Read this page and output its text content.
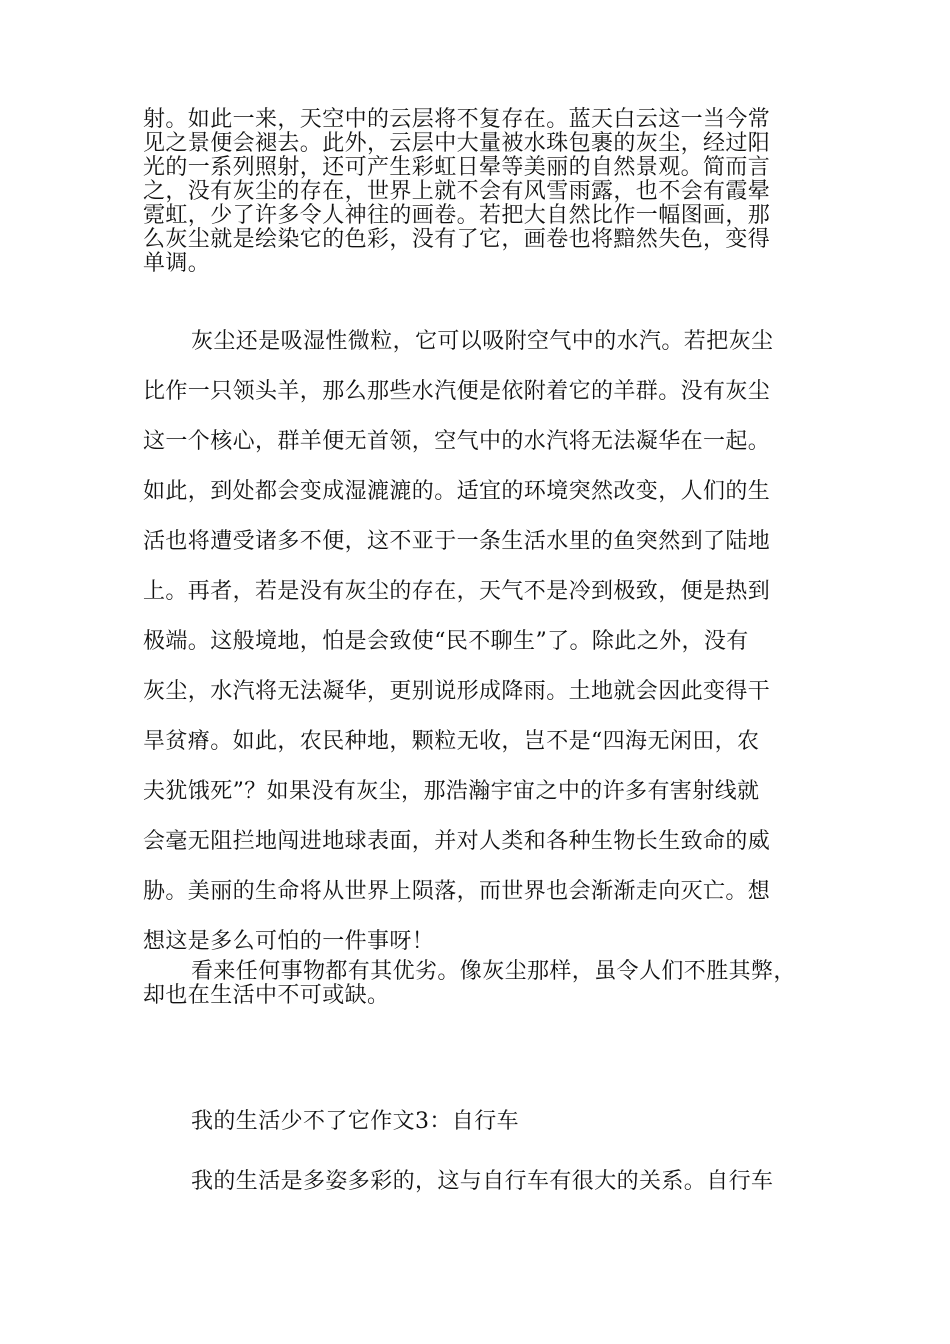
射。如此一来，天空中的云层将不复存在。蓝天白云这一当今常
见之景便会褪去。此外，云层中大量被水珠包裹的灰尘，经过阳
光的一系列照射，还可产生彩虹日晕等美丽的自然景观。简而言
之，没有灰尘的存在，世界上就不会有风雪雨露，也不会有霞晕
霓虹，少了许多令人神往的画卷。若把大自然比作一幅图画，那
么灰尘就是绘染它的色彩，没有了它，画卷也将黯然失色，变得
单调。
灰尘还是吸湿性微粒，它可以吸附空气中的水汽。若把灰尘
比作一只领头羊，那么那些水汽便是依附着它的羊群。没有灰尘
这一个核心，群羊便无首领，空气中的水汽将无法凝华在一起。
如此，到处都会变成湿漉漉的。适宜的环境突然改变，人们的生
活也将遭受诸多不便，这不亚于一条生活水里的鱼突然到了陆地
上。再者，若是没有灰尘的存在，天气不是冷到极致，便是热到
极端。这般境地，怕是会致使“民不聊生”了。除此之外，没有
灰尘，水汽将无法凝华，更别说形成降雨。土地就会因此变得干
旱贫瘠。如此，农民种地，颗粒无收，岂不是“四海无闲田，农
夫犹饿死”？如果没有灰尘，那浩瀚宇宙之中的许多有害射线就
会毫无阻拦地闯进地球表面，并对人类和各种生物长生致命的威
胁。美丽的生命将从世界上陨落，而世界也会渐渐走向灭亡。想
想这是多么可怕的一件事呀！
看来任何事物都有其优劣。像灰尘那样，虽令人们不胜其弊，
却也在生活中不可或缺。
我的生活少不了它作文3：自行车
我的生活是多姿多彩的，这与自行车有很大的关系。自行车
